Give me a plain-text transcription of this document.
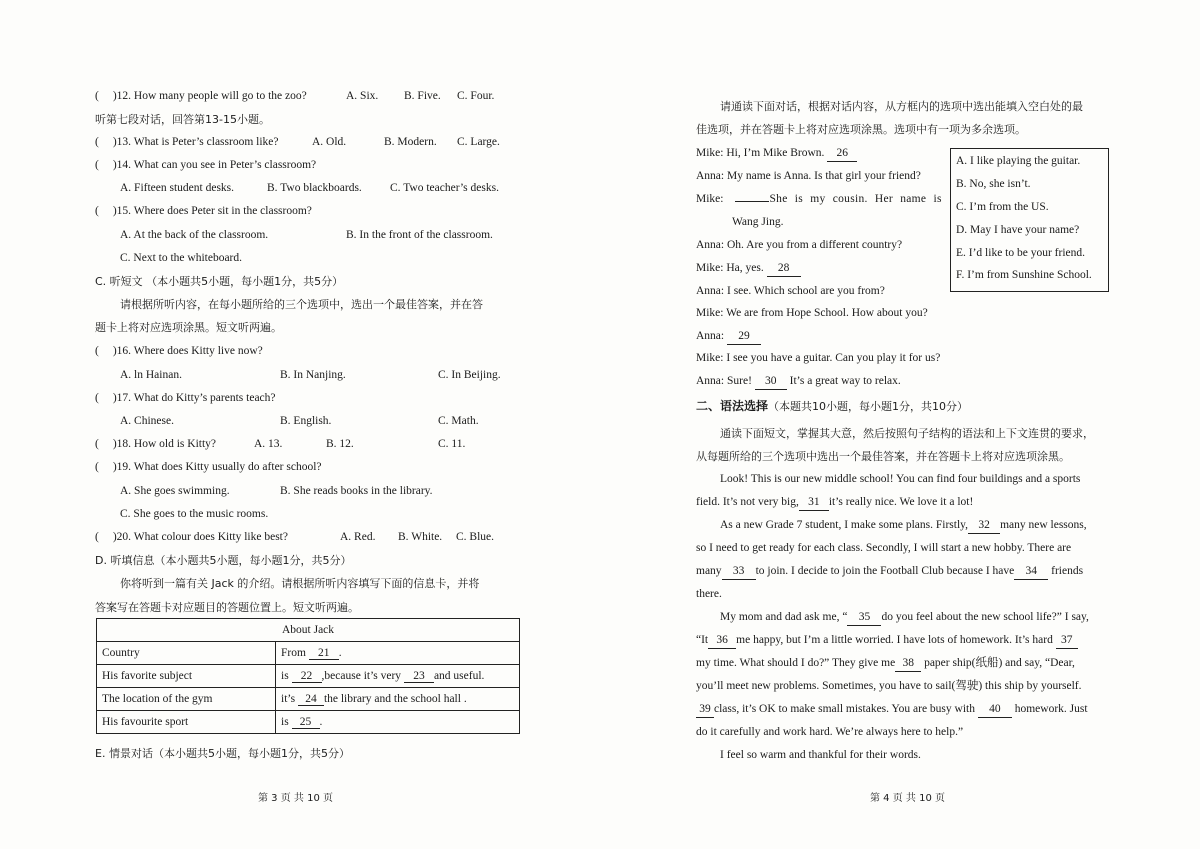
( )12. How many people will go to the zoo?	A. Six. B. Five. C. Four.
听第七段对话，回答第13-15小题。
( )13. What is Peter’s classroom like?	A. Old.	B. Modern. C. Large.
( )14. What can you see in Peter’s classroom?
A. Fifteen student desks.	B. Two blackboards. C. Two teacher’s desks.
( )15. Where does Peter sit in the classroom?
A. At the back of the classroom.	B. In the front of the classroom.
C. Next to the whiteboard.
C. 听短文 （本小题共5小题，每小题1分，共5分）
请根据所听内容，在每小题所给的三个选项中，选出一个最佳答案，并在答
题卡上将对应选项涂黑。短文听两遍。
( )16. Where does Kitty live now?
A. ln Hainan.	B. In Nanjing.	C. In Beijing.
( )17. What do Kitty’s parents teach?
A. Chinese.	B. English.	C. Math.
( )18. How old is Kitty?	A. 13.	B. 12.	C. 11.
( )19. What does Kitty usually do after school?
A. She goes swimming.	B. She reads books in the library.
C. She goes to the music rooms.
( )20. What colour does Kitty like best?	A. Red. B. White. C. Blue.
D. 听填信息（本小题共5小题，每小题1分，共5分）
你将听到一篇有关 Jack 的介绍。请根据所听内容填写下面的信息卡，并将
答案写在答题卡对应题目的答题位置上。短文听两遍。
About Jack	
Country	From 21 .
His favorite subject	is 22 ,because it’s very 23 and useful.
The location of the gym	it’s 24 the library and the school hall .
His favourite sport	is 25 .
E. 情景对话（本小题共5小题，每小题1分，共5分）
第 3 页 共 10 页
请通读下面对话，根据对话内容，从方框内的选项中选出能填入空白处的最
佳选项，并在答题卡上将对应选项涂黑。选项中有一项为多余选项。
Mike: Hi, I’m Mike Brown. 26
Anna: My name is Anna. Is that girl your friend?
Mike:	She is my cousin. Her name is
Wang Jing.
Anna: Oh. Are you from a different country?
Mike: Ha, yes. 28
Anna: I see. Which school are you from?
Mike: We are from Hope School. How about you?
Anna: 29
Mike: I see you have a guitar. Can you play it for us?
Anna: Sure! 30 It’s a great way to relax.
A. I like playing the guitar.
B. No, she isn’t.
C. I’m from the US.
D. May I have your name?
E. I’d like to be your friend.
F. I’m from Sunshine School.
二、语法选择（本题共10小题，每小题1分，共10分）
通读下面短文，掌握其大意，然后按照句子结构的语法和上下文连贯的要求，
从每题所给的三个选项中选出一个最佳答案，并在答题卡上将对应选项涂黑。
Look! This is our new middle school! You can find four buildings and a sports
field. It’s not very big, 31 it’s really nice. We love it a lot!
As a new Grade 7 student, I make some plans. Firstly, 32 many new lessons,
so I need to get ready for each class. Secondly, I will start a new hobby. There are
many 33 to join. I decide to join the Football Club because I have 34 friends
there.
My mom and dad ask me, “ 35 do you feel about the new school life?” I say,
“It 36 me happy, but I’m a little worried. I have lots of homework. It’s hard 37
my time. What should I do?” They give me 38 paper ship(纸船) and say, “Dear,
you’ll meet new problems. Sometimes, you have to sail(驾驶) this ship by yourself.
39 class, it’s OK to make small mistakes. You are busy with 40 homework. Just
do it carefully and work hard. We’re always here to help.”
I feel so warm and thankful for their words.
第 4 页 共 10 页
